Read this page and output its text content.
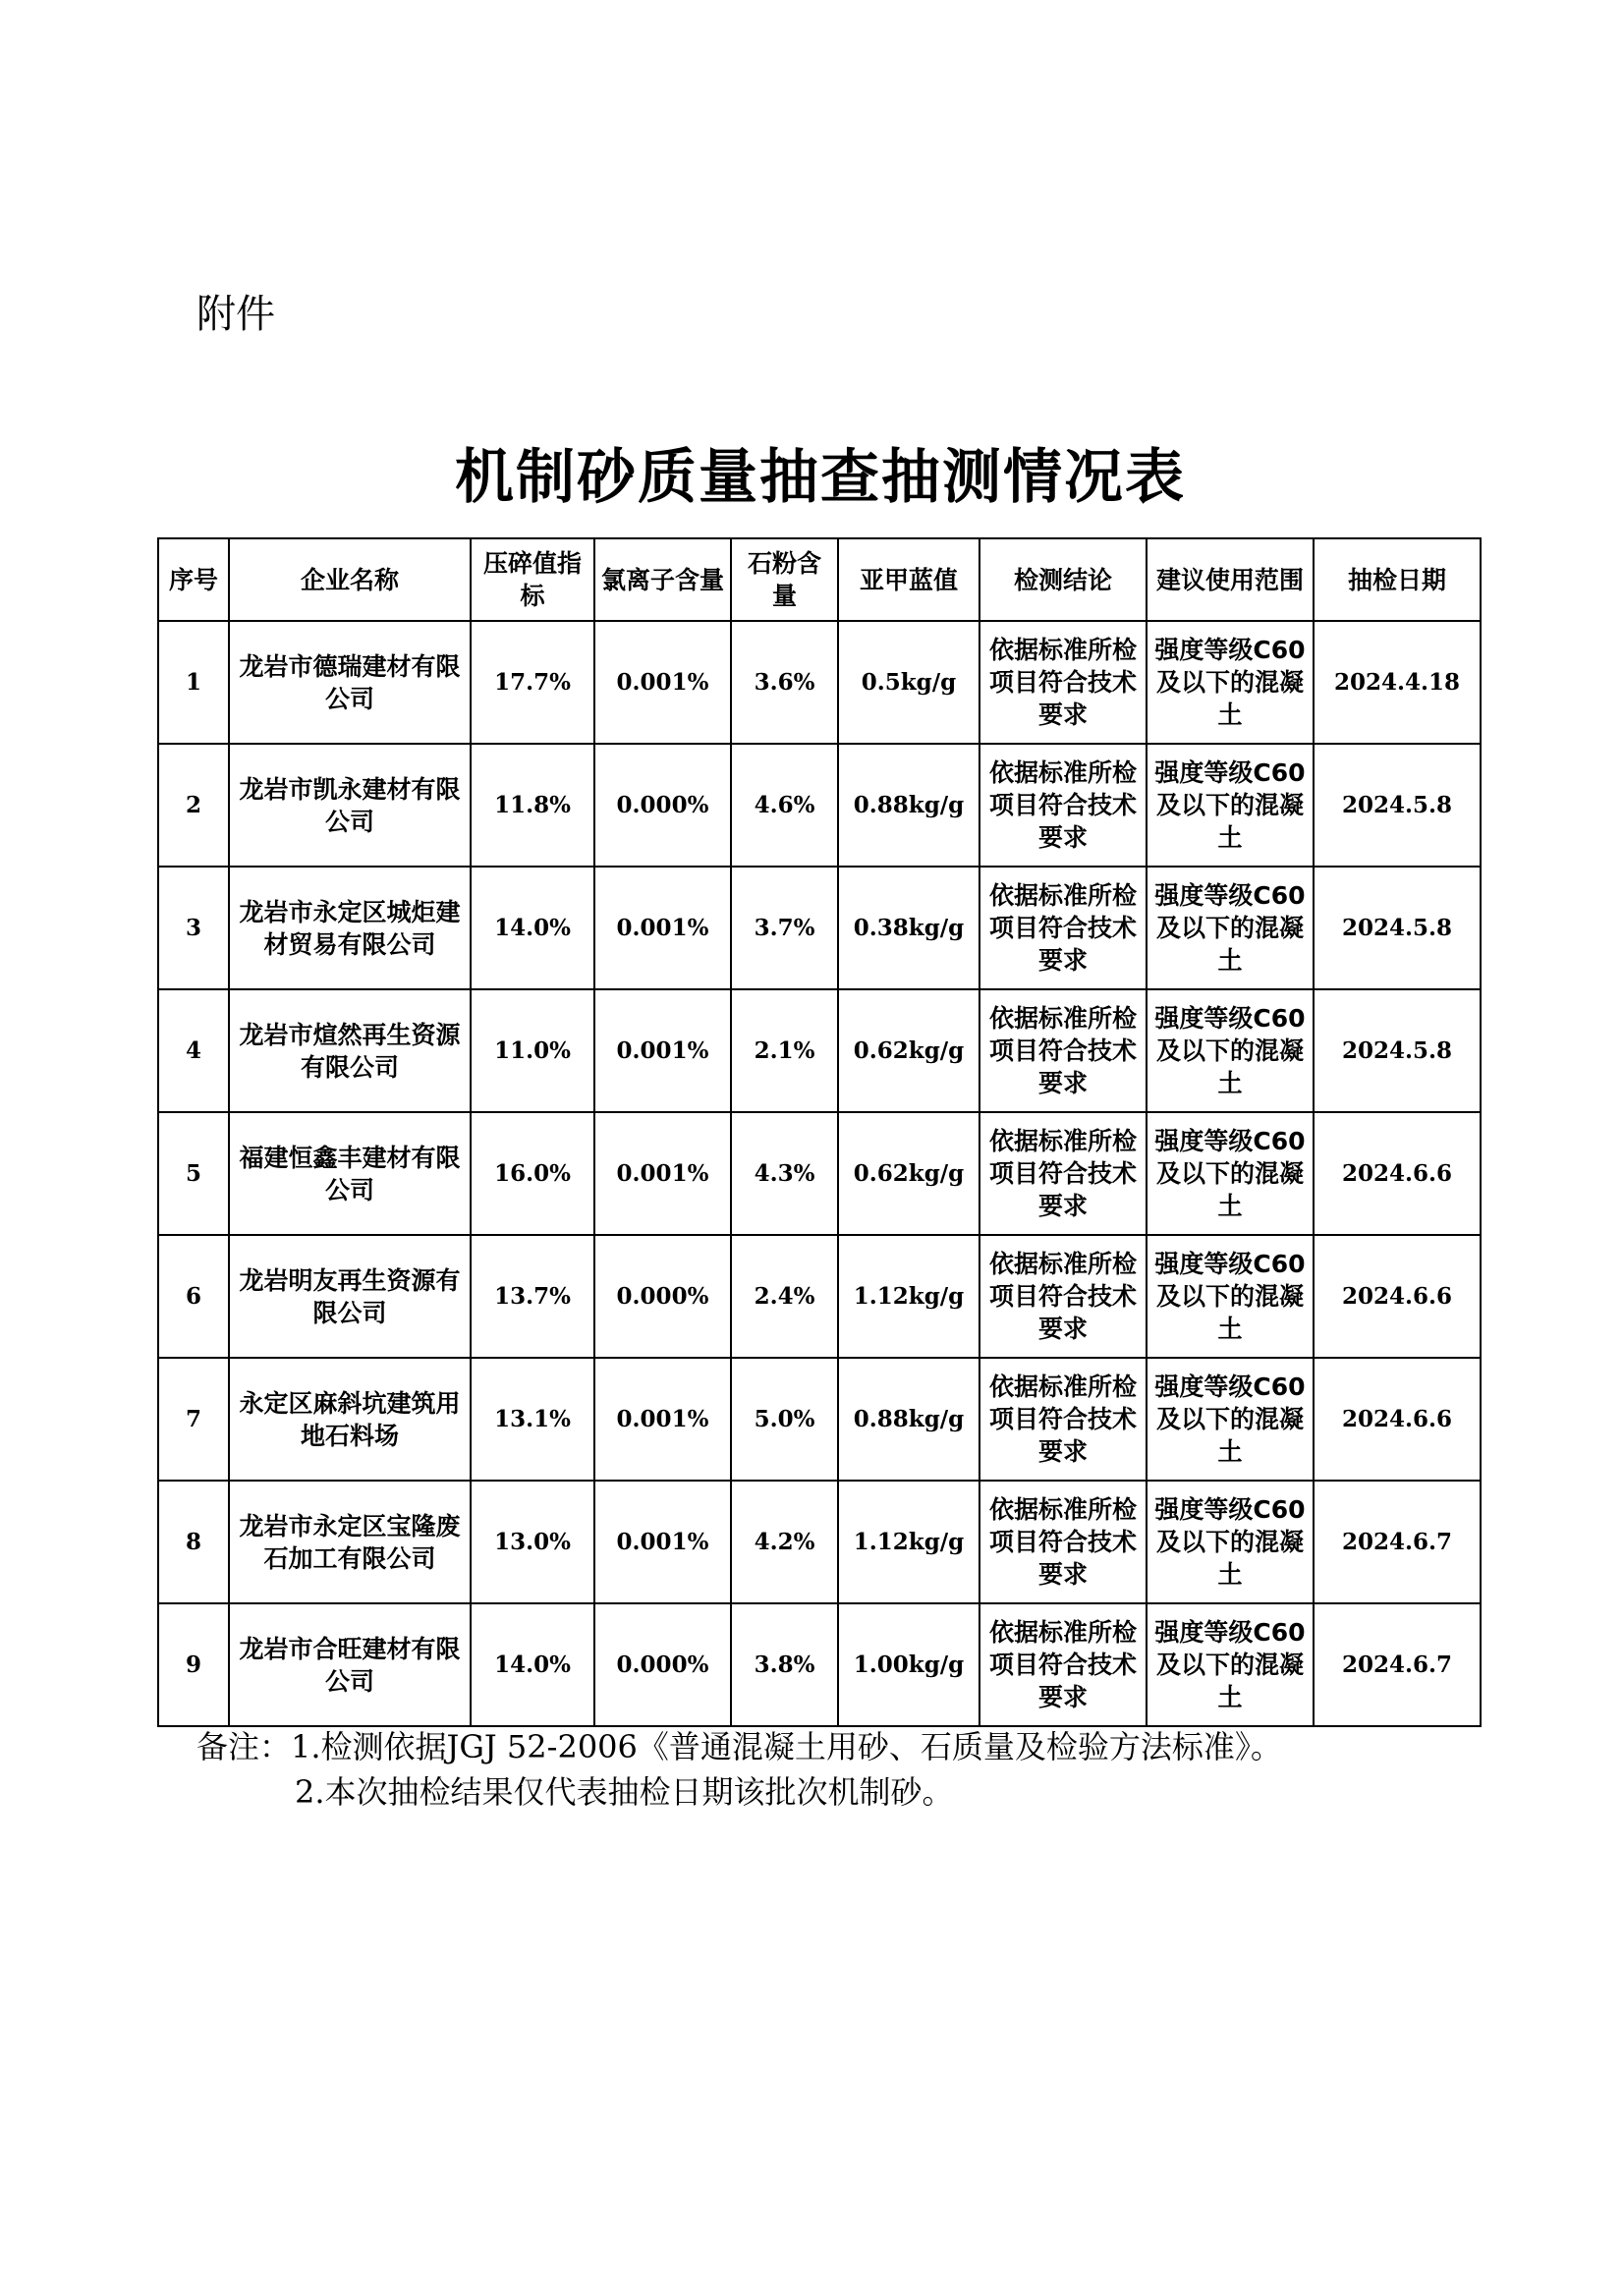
附件
机制砂质量抽查抽测情况表
序号	企业名称	压碎值指标	氯离子含量	石粉含量	亚甲蓝值	检测结论	建议使用范围	抽检日期
1	龙岩市德瑞建材有限公司	17.7%	0.001%	3.6%	0.5kg/g	依据标准所检项目符合技术要求	强度等级C60及以下的混凝土	2024.4.18
2	龙岩市凯永建材有限公司	11.8%	0.000%	4.6%	0.88kg/g	依据标准所检项目符合技术要求	强度等级C60及以下的混凝土	2024.5.8
3	龙岩市永定区城炬建材贸易有限公司	14.0%	0.001%	3.7%	0.38kg/g	依据标准所检项目符合技术要求	强度等级C60及以下的混凝土	2024.5.8
4	龙岩市煊然再生资源有限公司	11.0%	0.001%	2.1%	0.62kg/g	依据标准所检项目符合技术要求	强度等级C60及以下的混凝土	2024.5.8
5	福建恒鑫丰建材有限公司	16.0%	0.001%	4.3%	0.62kg/g	依据标准所检项目符合技术要求	强度等级C60及以下的混凝土	2024.6.6
6	龙岩明友再生资源有限公司	13.7%	0.000%	2.4%	1.12kg/g	依据标准所检项目符合技术要求	强度等级C60及以下的混凝土	2024.6.6
7	永定区麻斜坑建筑用地石料场	13.1%	0.001%	5.0%	0.88kg/g	依据标准所检项目符合技术要求	强度等级C60及以下的混凝土	2024.6.6
8	龙岩市永定区宝隆废石加工有限公司	13.0%	0.001%	4.2%	1.12kg/g	依据标准所检项目符合技术要求	强度等级C60及以下的混凝土	2024.6.7
9	龙岩市合旺建材有限公司	14.0%	0.000%	3.8%	1.00kg/g	依据标准所检项目符合技术要求	强度等级C60及以下的混凝土	2024.6.7
备注：1.检测依据JGJ 52-2006《普通混凝土用砂、石质量及检验方法标准》。
2.本次抽检结果仅代表抽检日期该批次机制砂。
